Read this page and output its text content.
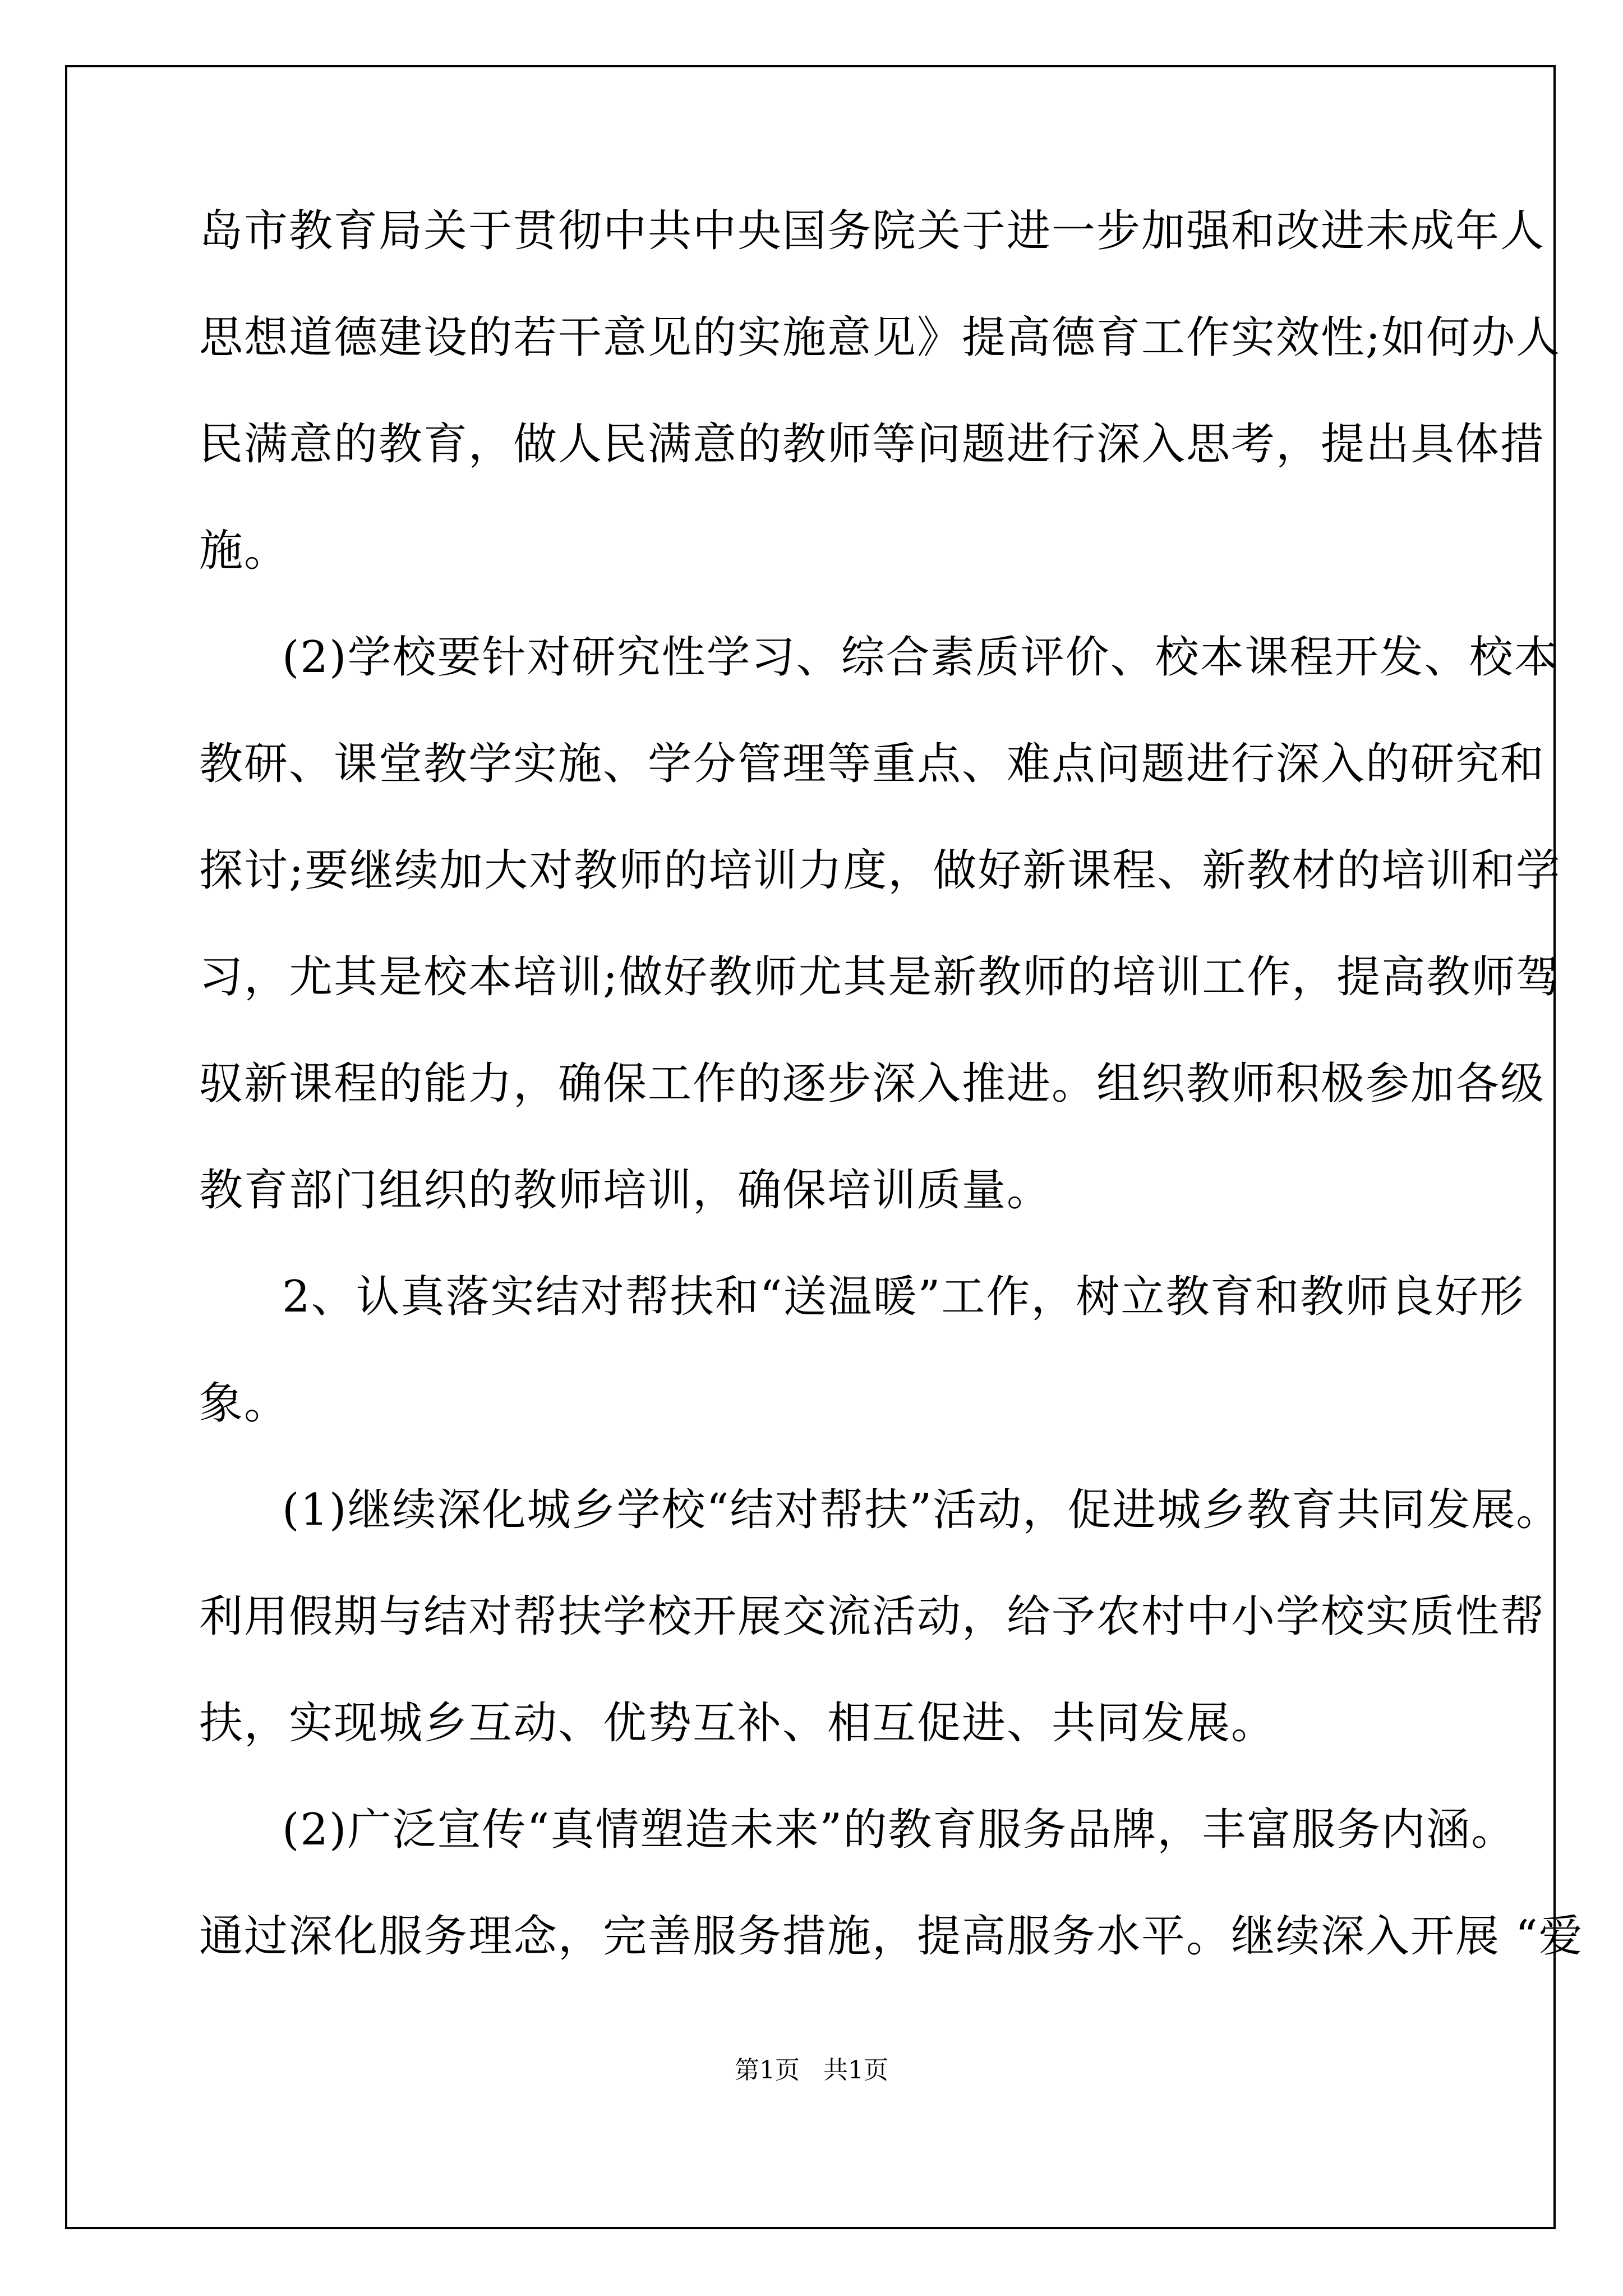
岛市教育局关于贯彻中共中央国务院关于进一步加强和改进未成年人
思想道德建设的若干意见的实施意见》提高德育工作实效性;如何办人
民满意的教育，做人民满意的教师等问题进行深入思考，提出具体措
施。
(2)学校要针对研究性学习、综合素质评价、校本课程开发、校本
教研、课堂教学实施、学分管理等重点、难点问题进行深入的研究和
探讨;要继续加大对教师的培训力度，做好新课程、新教材的培训和学
习，尤其是校本培训;做好教师尤其是新教师的培训工作，提高教师驾
驭新课程的能力，确保工作的逐步深入推进。组织教师积极参加各级
教育部门组织的教师培训，确保培训质量。
2、认真落实结对帮扶和“送温暖”工作，树立教育和教师良好形
象。
(1)继续深化城乡学校“结对帮扶”活动，促进城乡教育共同发展。
利用假期与结对帮扶学校开展交流活动，给予农村中小学校实质性帮
扶，实现城乡互动、优势互补、相互促进、共同发展。
(2)广泛宣传“真情塑造未来”的教育服务品牌，丰富服务内涵。
通过深化服务理念，完善服务措施，提高服务水平。继续深入开展 “爱
第1页   共1页
